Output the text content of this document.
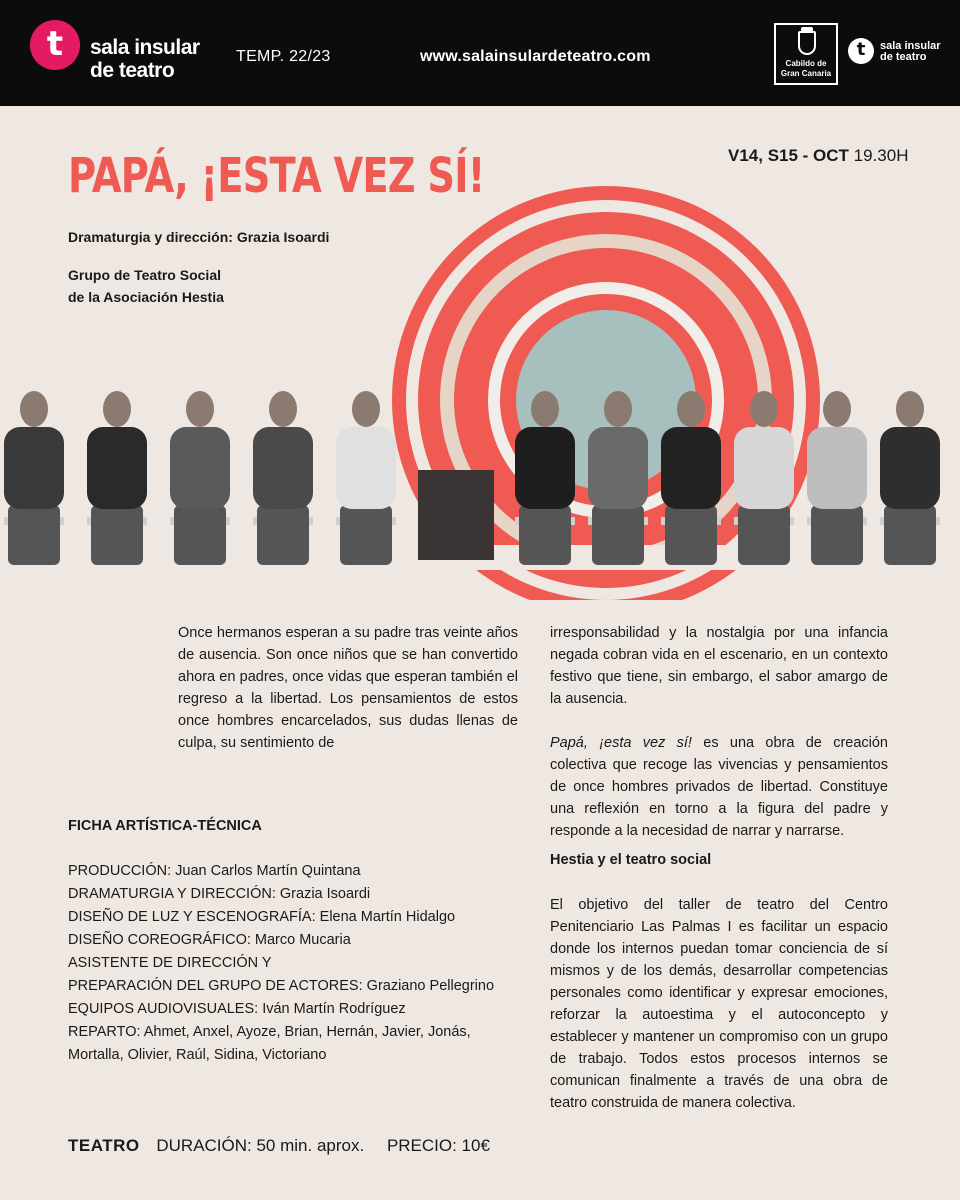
t	sala insular
de teatro
TEMP. 22/23	www.salainsulardeteatro.com	Cabildo de
Gran Canaria
t	sala insular
de teatro
PAPÁ, ¡ESTA VEZ SÍ!	V14, S15 - OCT 19.30H
Dramaturgia y dirección: Grazia Isoardi
Grupo de Teatro Social
de la Asociación Hestia
Once hermanos esperan a su padre tras veinte años de ausencia. Son once niños que se han convertido ahora en padres, once vidas que esperan también el regreso a la libertad. Los pensamientos de estos once hombres encarcelados, sus dudas llenas de culpa, su sentimiento de

irresponsabilidad y la nostalgia por una infancia negada cobran vida en el escenario, en un contexto festivo que tiene, sin embargo, el sabor amargo de la ausencia.

Papá, ¡esta vez sí! es una obra de creación colectiva que recoge las vivencias y pensamientos de once hombres privados de libertad. Constituye una reflexión en torno a la figura del padre y responde a la necesidad de narrar y narrarse.

Hestia y el teatro social
El objetivo del taller de teatro del Centro Penitenciario Las Palmas I es facilitar un espacio donde los internos puedan tomar conciencia de sí mismos y de los demás, desarrollar competencias personales como identificar y expresar emociones, reforzar la autoestima y el autoconcepto y establecer y mantener un compromiso con un grupo de trabajo. Todos estos procesos internos se comunican finalmente a través de una obra de teatro construida de manera colectiva.
FICHA ARTÍSTICA-TÉCNICA
PRODUCCIÓN: Juan Carlos Martín Quintana
DRAMATURGIA Y DIRECCIÓN: Grazia Isoardi
DISEÑO DE LUZ Y ESCENOGRAFÍA: Elena Martín Hidalgo
DISEÑO COREOGRÁFICO: Marco Mucaria
ASISTENTE DE DIRECCIÓN Y
PREPARACIÓN DEL GRUPO DE ACTORES: Graziano Pellegrino
EQUIPOS AUDIOVISUALES: Iván Martín Rodríguez
REPARTO: Ahmet, Anxel, Ayoze, Brian, Hernán, Javier, Jonás,
Mortalla, Olivier, Raúl, Sidina, Victoriano
TEATRO DURACIÓN: 50 min. aprox. PRECIO: 10€
